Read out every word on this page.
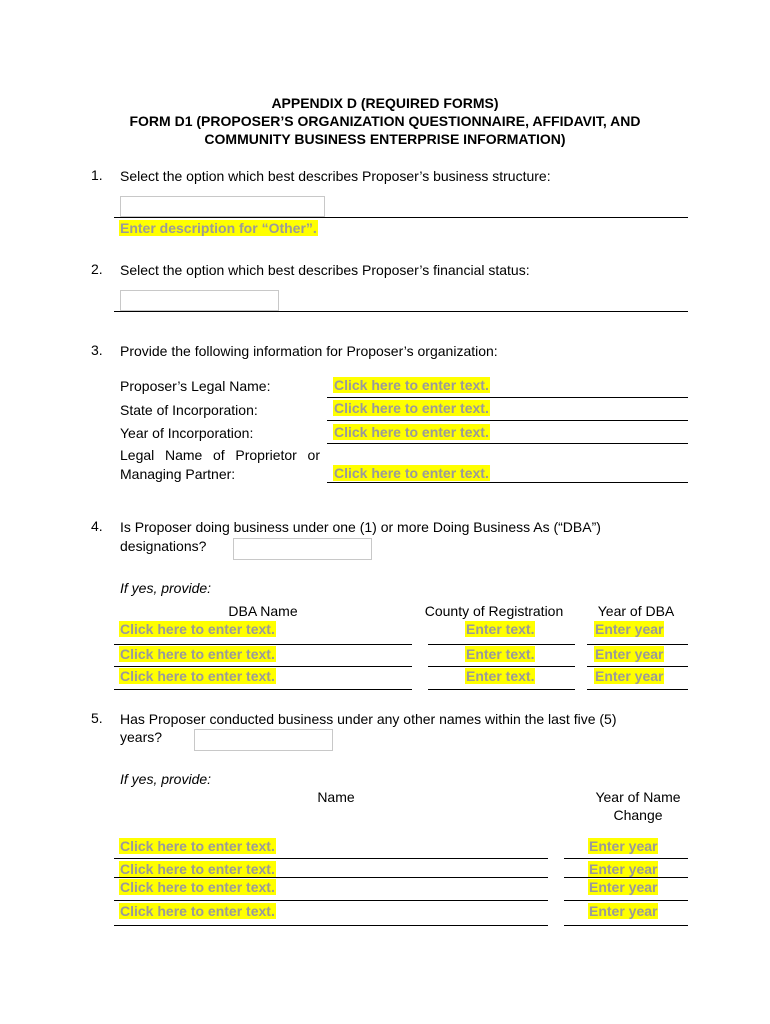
APPENDIX D (REQUIRED FORMS)
FORM D1 (PROPOSER’S ORGANIZATION QUESTIONNAIRE, AFFIDAVIT, AND
COMMUNITY BUSINESS ENTERPRISE INFORMATION)
1. Select the option which best describes Proposer’s business structure:
Enter description for “Other”.
2. Select the option which best describes Proposer’s financial status:
3. Provide the following information for Proposer’s organization:
Proposer’s Legal Name:	Click here to enter text.
State of Incorporation:	Click here to enter text.
Year of Incorporation:	Click here to enter text.
Legal Name of Proprietor or
Managing Partner:	Click here to enter text.
4. Is Proposer doing business under one (1) or more Doing Business As (“DBA”)
designations?
If yes, provide:
DBA Name	County of Registration	Year of DBA
Click here to enter text.	Enter text.	Enter year
Click here to enter text.	Enter text.	Enter year
Click here to enter text.	Enter text.	Enter year
5. Has Proposer conducted business under any other names within the last five (5)
years?
If yes, provide:
Name	Year of Name
Change
Click here to enter text.	Enter year
Click here to enter text.	Enter year
Click here to enter text.	Enter year
Click here to enter text.	Enter year
